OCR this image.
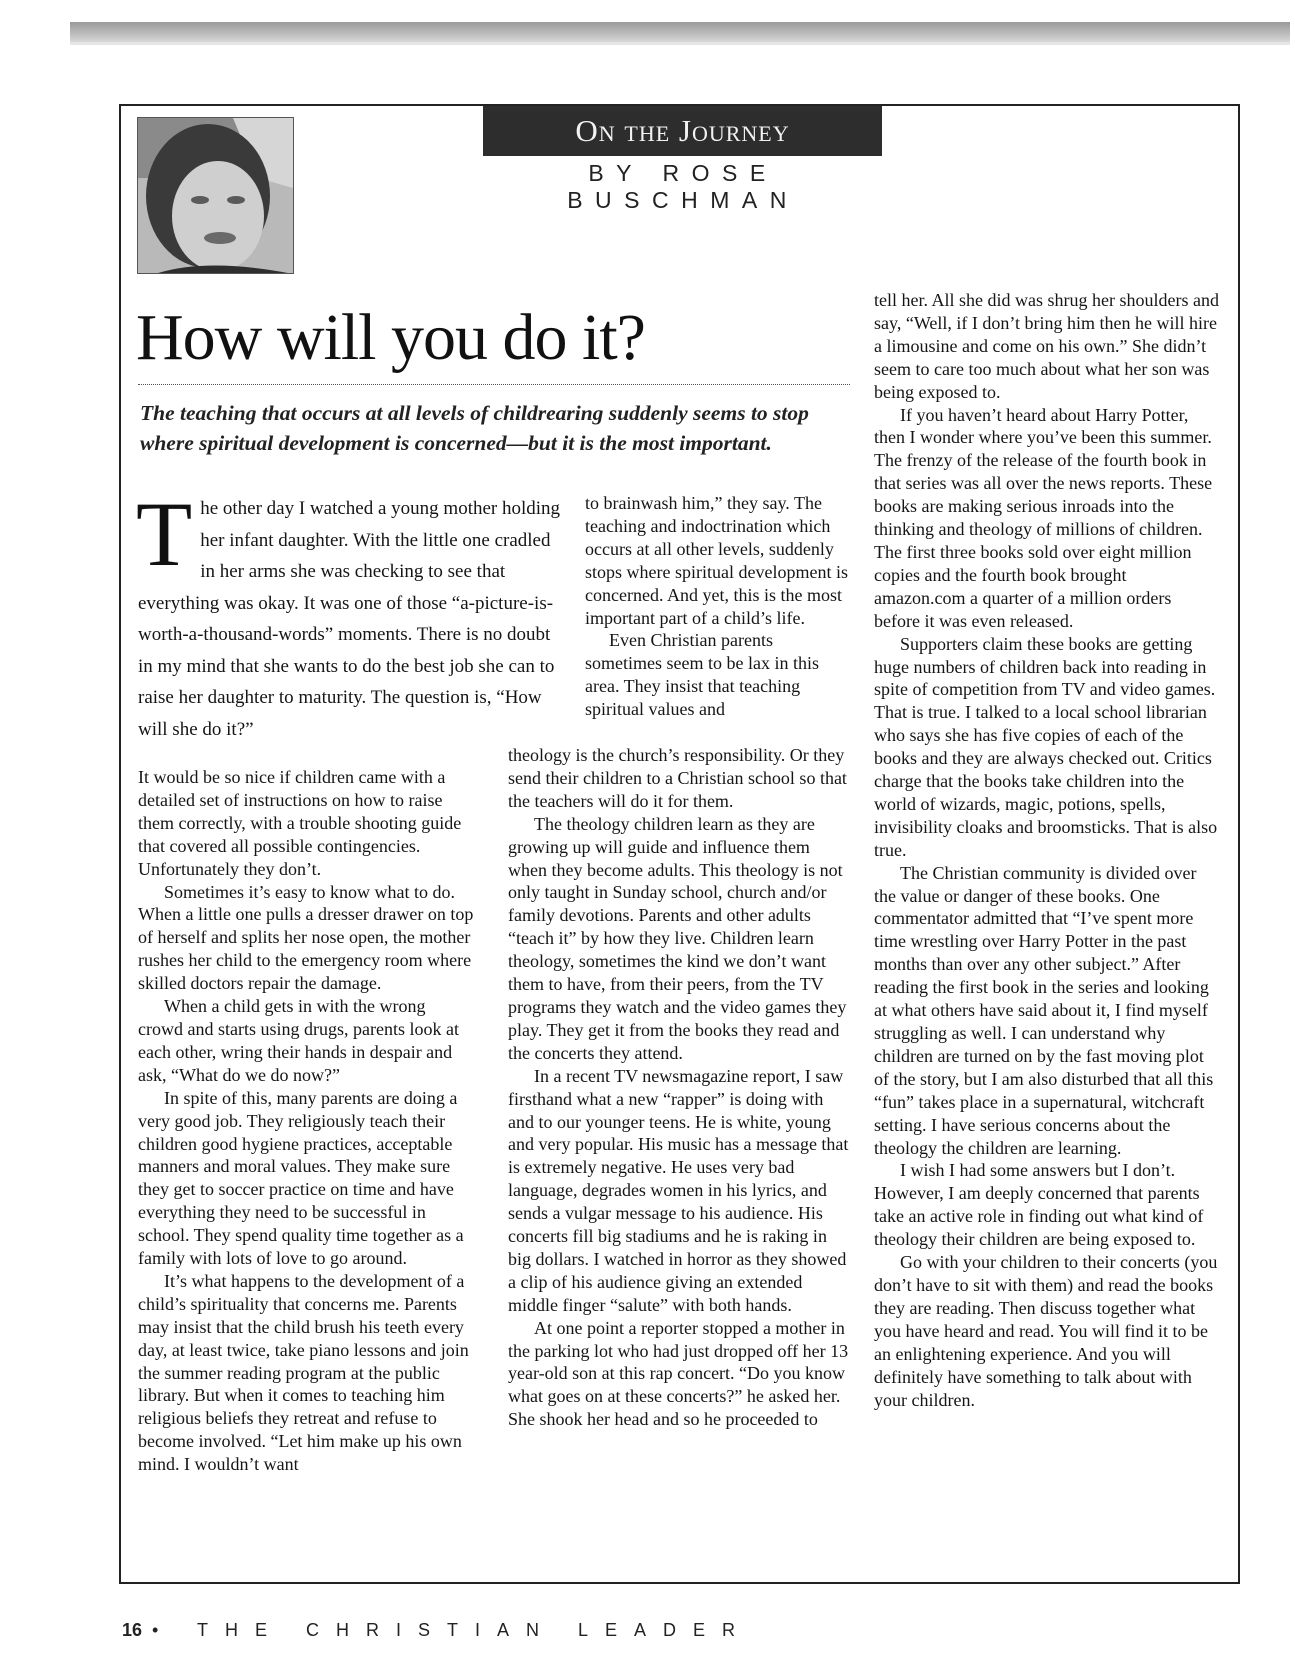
On the Journey
BY ROSE BUSCHMAN
How will you do it?

The teaching that occurs at all levels of childrearing suddenly seems to stop where spiritual development is concerned—but it is the most important.

The other day I watched a young mother holding her infant daughter. With the little one cradled in her arms she was checking to see that everything was okay. It was one of those “a-picture-is-worth-a-thousand-words” moments. There is no doubt in my mind that she wants to do the best job she can to raise her daughter to maturity. The question is, “How will she do it?”

It would be so nice if children came with a detailed set of instructions on how to raise them correctly, with a trouble shooting guide that covered all possible contingencies. Unfortunately they don’t.

Sometimes it’s easy to know what to do. When a little one pulls a dresser drawer on top of herself and splits her nose open, the mother rushes her child to the emergency room where skilled doctors repair the damage.

When a child gets in with the wrong crowd and starts using drugs, parents look at each other, wring their hands in despair and ask, “What do we do now?”

In spite of this, many parents are doing a very good job. They religiously teach their children good hygiene practices, acceptable manners and moral values. They make sure they get to soccer practice on time and have everything they need to be successful in school. They spend quality time together as a family with lots of love to go around.

It’s what happens to the development of a child’s spirituality that concerns me. Parents may insist that the child brush his teeth every day, at least twice, take piano lessons and join the summer reading program at the public library. But when it comes to teaching him religious beliefs they retreat and refuse to become involved. “Let him make up his own mind. I wouldn’t want

to brainwash him,” they say. The teaching and indoctrination which occurs at all other levels, suddenly stops where spiritual development is concerned. And yet, this is the most important part of a child’s life.

Even Christian parents sometimes seem to be lax in this area. They insist that teaching spiritual values and

theology is the church’s responsibility. Or they send their children to a Christian school so that the teachers will do it for them.

The theology children learn as they are growing up will guide and influence them when they become adults. This theology is not only taught in Sunday school, church and/or family devotions. Parents and other adults “teach it” by how they live. Children learn theology, sometimes the kind we don’t want them to have, from their peers, from the TV programs they watch and the video games they play. They get it from the books they read and the concerts they attend.

In a recent TV newsmagazine report, I saw firsthand what a new “rapper” is doing with and to our younger teens. He is white, young and very popular. His music has a message that is extremely negative. He uses very bad language, degrades women in his lyrics, and sends a vulgar message to his audience. His concerts fill big stadiums and he is raking in big dollars. I watched in horror as they showed a clip of his audience giving an extended middle finger “salute” with both hands.

At one point a reporter stopped a mother in the parking lot who had just dropped off her 13 year-old son at this rap concert. “Do you know what goes on at these concerts?” he asked her. She shook her head and so he proceeded to

tell her. All she did was shrug her shoulders and say, “Well, if I don’t bring him then he will hire a limousine and come on his own.” She didn’t seem to care too much about what her son was being exposed to.

If you haven’t heard about Harry Potter, then I wonder where you’ve been this summer. The frenzy of the release of the fourth book in that series was all over the news reports. These books are making serious inroads into the thinking and theology of millions of children. The first three books sold over eight million copies and the fourth book brought amazon.com a quarter of a million orders before it was even released.

Supporters claim these books are getting huge numbers of children back into reading in spite of competition from TV and video games. That is true. I talked to a local school librarian who says she has five copies of each of the books and they are always checked out. Critics charge that the books take children into the world of wizards, magic, potions, spells, invisibility cloaks and broomsticks. That is also true.

The Christian community is divided over the value or danger of these books. One commentator admitted that “I’ve spent more time wrestling over Harry Potter in the past months than over any other subject.” After reading the first book in the series and looking at what others have said about it, I find myself struggling as well. I can understand why children are turned on by the fast moving plot of the story, but I am also disturbed that all this “fun” takes place in a supernatural, witchcraft setting. I have serious concerns about the theology the children are learning.

I wish I had some answers but I don’t. However, I am deeply concerned that parents take an active role in finding out what kind of theology their children are being exposed to.

Go with your children to their concerts (you don’t have to sit with them) and read the books they are reading. Then discuss together what you have heard and read. You will find it to be an enlightening experience. And you will definitely have something to talk about with your children.

16 • THE CHRISTIAN LEADER
